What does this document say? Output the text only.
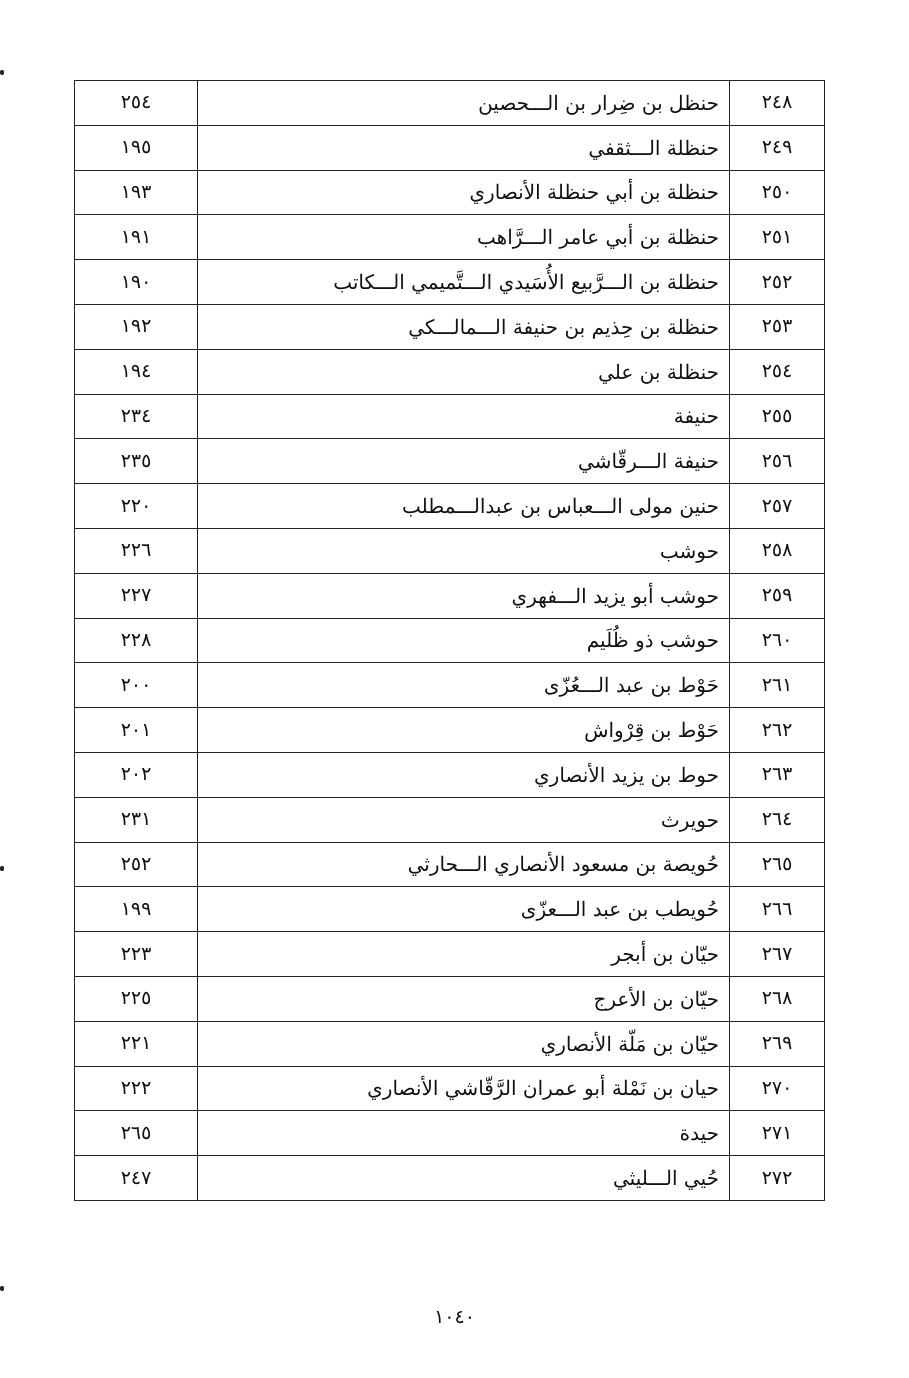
٢٤٨	حنظل بن ضِرار بن الـــحصين	٢٥٤
٢٤٩	حنظلة الـــثقفي	١٩٥
٢٥٠	حنظلة بن أبي حنظلة الأنصاري	١٩٣
٢٥١	حنظلة بن أبي عامر الـــرَّاهب	١٩١
٢٥٢	حنظلة بن الـــرَّبيع الأُسَيدي الـــتَّميمي الـــكاتب	١٩٠
٢٥٣	حنظلة بن حِذيم بن حنيفة الـــمالـــكي	١٩٢
٢٥٤	حنظلة بن علي	١٩٤
٢٥٥	حنيفة	٢٣٤
٢٥٦	حنيفة الـــرقّاشي	٢٣٥
٢٥٧	حنين مولى الـــعباس بن عبدالـــمطلب	٢٢٠
٢٥٨	حوشب	٢٢٦
٢٥٩	حوشب أبو يزيد الـــفهري	٢٢٧
٢٦٠	حوشب ذو ظُلَيم	٢٢٨
٢٦١	حَوْط بن عبد الـــعُزّى	٢٠٠
٢٦٢	حَوْط بن قِرْواش	٢٠١
٢٦٣	حوط بن يزيد الأنصاري	٢٠٢
٢٦٤	حويرث	٢٣١
٢٦٥	حُويصة بن مسعود الأنصاري الـــحارثي	٢٥٢
٢٦٦	حُويطب بن عبد الـــعزّى	١٩٩
٢٦٧	حيّان بن أبجر	٢٢٣
٢٦٨	حيّان بن الأعرج	٢٢٥
٢٦٩	حيّان بن مَلّة الأنصاري	٢٢١
٢٧٠	حيان بن نَمْلة أبو عمران الرَّقّاشي الأنصاري	٢٢٢
٢٧١	حيدة	٢٦٥
٢٧٢	حُيي الـــليثي	٢٤٧
١٠٤٠
